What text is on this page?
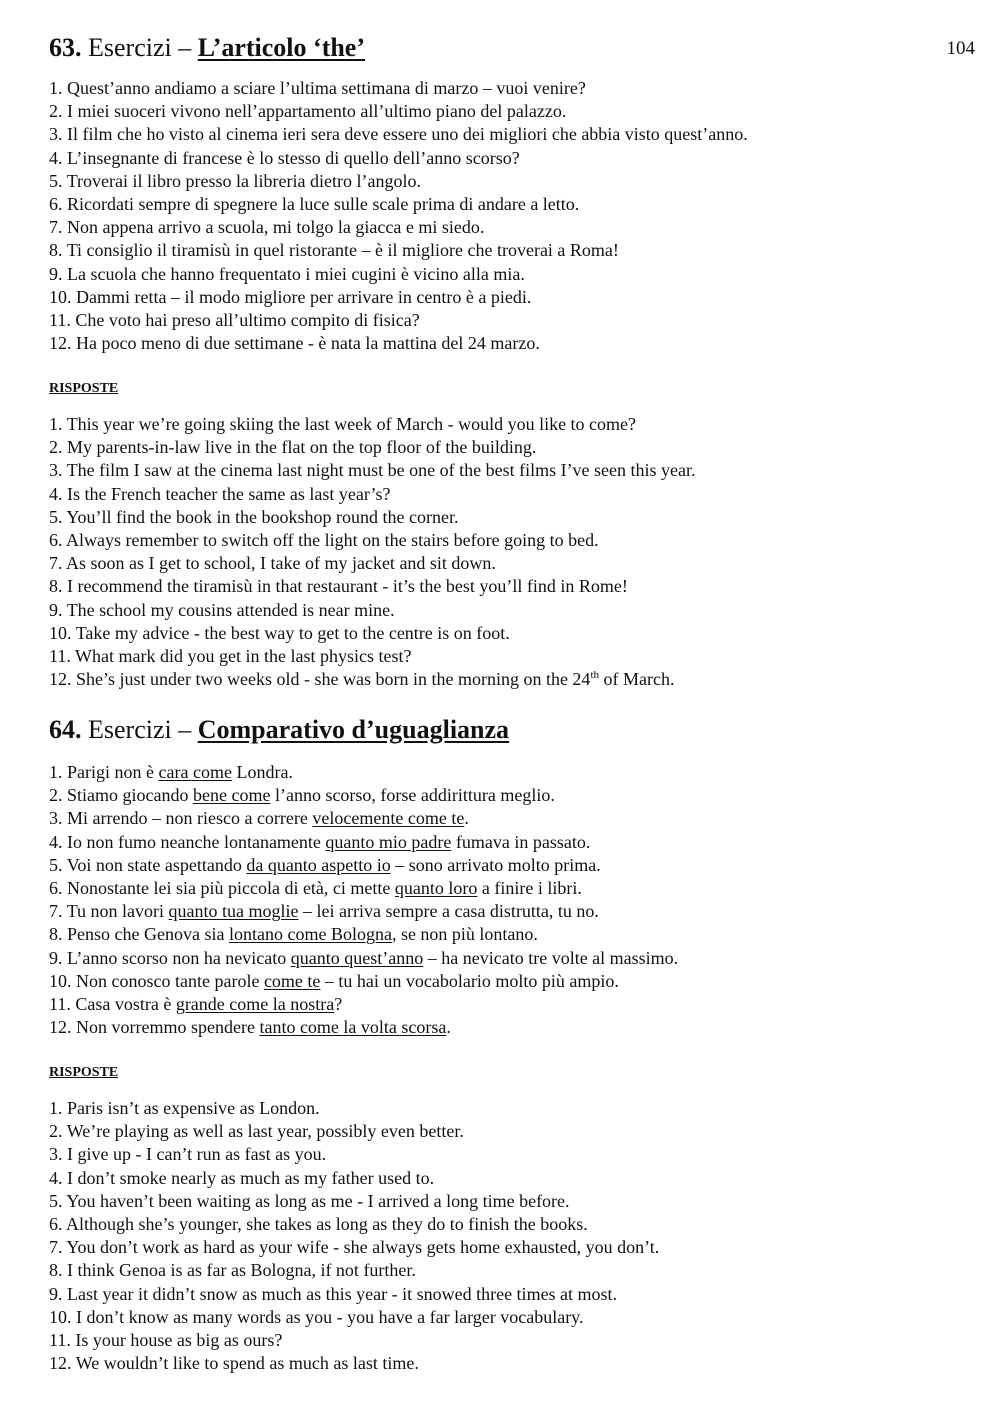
104
63. Esercizi – L’articolo ‘the’
1. Quest’anno andiamo a sciare l’ultima settimana di marzo – vuoi venire?
2. I miei suoceri vivono nell’appartamento all’ultimo piano del palazzo.
3. Il film che ho visto al cinema ieri sera deve essere uno dei migliori che abbia visto quest’anno.
4. L’insegnante di francese è lo stesso di quello dell’anno scorso?
5. Troverai il libro presso la libreria dietro l’angolo.
6. Ricordati sempre di spegnere la luce sulle scale prima di andare a letto.
7. Non appena arrivo a scuola, mi tolgo la giacca e mi siedo.
8. Ti consiglio il tiramisù in quel ristorante – è il migliore che troverai a Roma!
9. La scuola che hanno frequentato i miei cugini è vicino alla mia.
10. Dammi retta – il modo migliore per arrivare in centro è a piedi.
11. Che voto hai preso all’ultimo compito di fisica?
12. Ha poco meno di due settimane - è nata la mattina del 24 marzo.
RISPOSTE
1. This year we’re going skiing the last week of March - would you like to come?
2. My parents-in-law live in the flat on the top floor of the building.
3. The film I saw at the cinema last night must be one of the best films I’ve seen this year.
4. Is the French teacher the same as last year’s?
5. You’ll find the book in the bookshop round the corner.
6. Always remember to switch off the light on the stairs before going to bed.
7. As soon as I get to school, I take of my jacket and sit down.
8. I recommend the tiramisù in that restaurant - it’s the best you’ll find in Rome!
9. The school my cousins attended is near mine.
10. Take my advice - the best way to get to the centre is on foot.
11. What mark did you get in the last physics test?
12. She’s just under two weeks old - she was born in the morning on the 24th of March.
64. Esercizi – Comparativo d’uguaglianza
1. Parigi non è cara come Londra.
2. Stiamo giocando bene come l’anno scorso, forse addirittura meglio.
3. Mi arrendo – non riesco a correre velocemente come te.
4. Io non fumo neanche lontanamente quanto mio padre fumava in passato.
5. Voi non state aspettando da quanto aspetto io – sono arrivato molto prima.
6. Nonostante lei sia più piccola di età, ci mette quanto loro a finire i libri.
7. Tu non lavori quanto tua moglie – lei arriva sempre a casa distrutta, tu no.
8. Penso che Genova sia lontano come Bologna, se non più lontano.
9. L’anno scorso non ha nevicato quanto quest’anno – ha nevicato tre volte al massimo.
10. Non conosco tante parole come te – tu hai un vocabolario molto più ampio.
11. Casa vostra è grande come la nostra?
12. Non vorremmo spendere tanto come la volta scorsa.
RISPOSTE
1. Paris isn’t as expensive as London.
2. We’re playing as well as last year, possibly even better.
3. I give up - I can’t run as fast as you.
4. I don’t smoke nearly as much as my father used to.
5. You haven’t been waiting as long as me - I arrived a long time before.
6. Although she’s younger, she takes as long as they do to finish the books.
7. You don’t work as hard as your wife - she always gets home exhausted, you don’t.
8. I think Genoa is as far as Bologna, if not further.
9. Last year it didn’t snow as much as this year - it snowed three times at most.
10. I don’t know as many words as you - you have a far larger vocabulary.
11. Is your house as big as ours?
12. We wouldn’t like to spend as much as last time.
